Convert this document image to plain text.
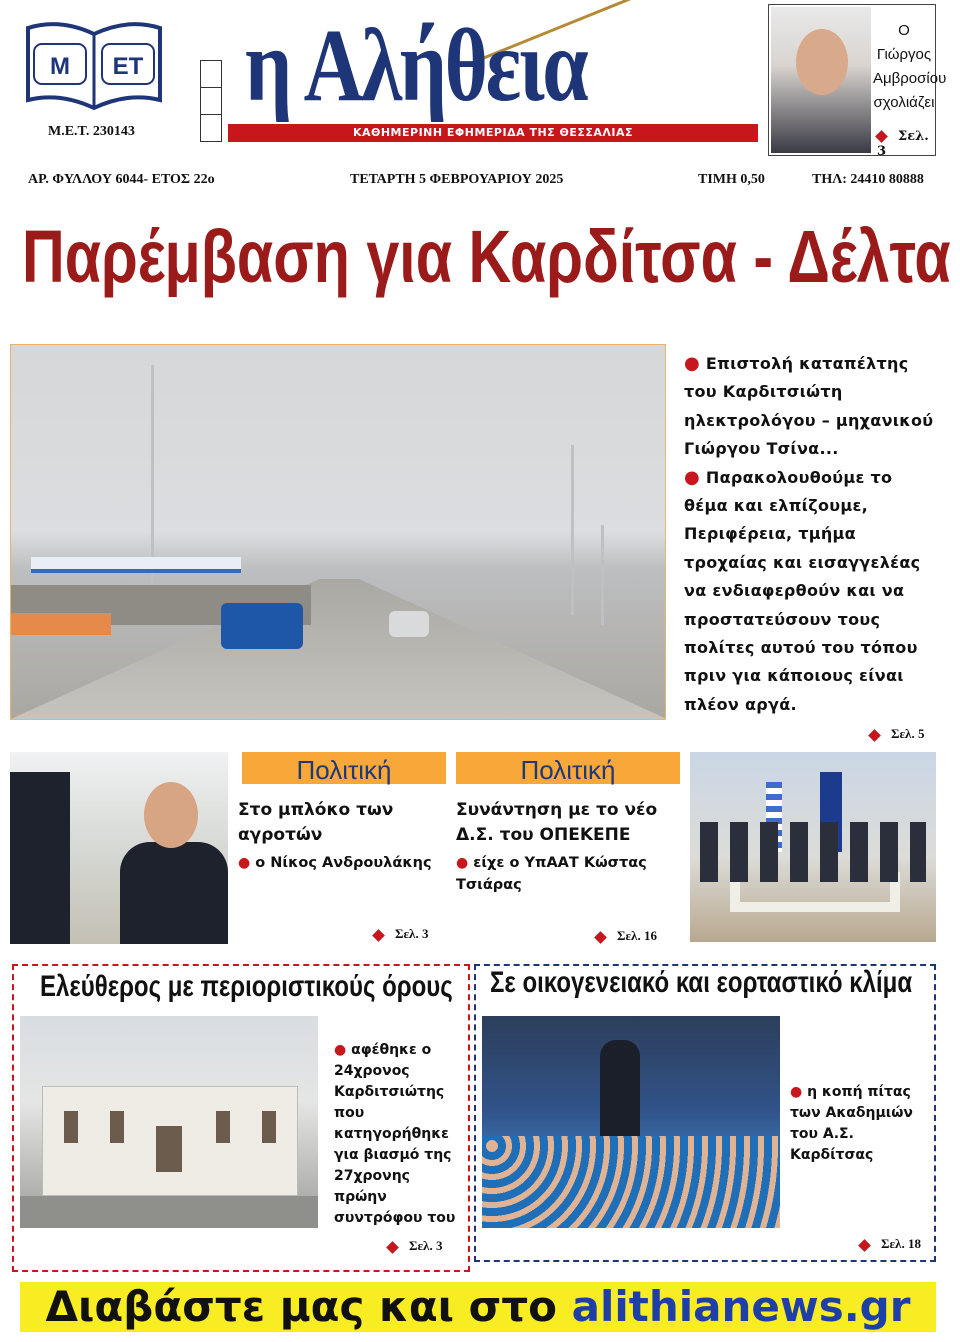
Μ ΕΤ
Μ.Ε.Τ. 230143
η Αλήθεια
ΚΑΘΗΜΕΡΙΝΗ ΕΦΗΜΕΡΙΔΑ ΤΗΣ ΘΕΣΣΑΛΙΑΣ
Ο Γιώργος
Αμβροσίου
σχολιάζει
Σελ. 3
ΑΡ. ΦΥΛΛΟΥ 6044- ΕΤΟΣ 22ο	ΤΕΤΑΡΤΗ 5 ΦΕΒΡΟΥΑΡΙΟΥ 2025	ΤΙΜΗ 0,50	ΤΗΛ: 24410 80888
Παρέμβαση για Καρδίτσα - Δέλτα

● Επιστολή καταπέλτης του Καρδιτσιώτη ηλεκτρολόγου – μηχανικού Γιώργου Τσίνα...

● Παρακολουθούμε το θέμα και ελπίζουμε, Περιφέρεια, τμήμα τροχαίας και εισαγγελέας να ενδιαφερθούν και να προστατεύσουν τους πολίτες αυτού του τόπου πριν για κάποιους είναι πλέον αργά.

Σελ. 5
Πολιτική
Στο μπλόκο των αγροτών
● ο Νίκος Ανδρουλάκης
Σελ. 3
Πολιτική
Συνάντηση με το νέο Δ.Σ. του ΟΠΕΚΕΠΕ
● είχε ο ΥπΑΑΤ Κώστας Τσιάρας
Σελ. 16
Ελεύθερος με περιοριστικούς όρους
● αφέθηκε ο 24χρονος Καρδιτσιώτης που κατηγορήθηκε για βιασμό της 27χρονης πρώην συντρόφου του
Σελ. 3
Σε οικογενειακό και εορταστικό κλίμα
● η κοπή πίτας των Ακαδημιών του Α.Σ. Καρδίτσας
Σελ. 18
Διαβάστε μας και στο alithianews.gr
